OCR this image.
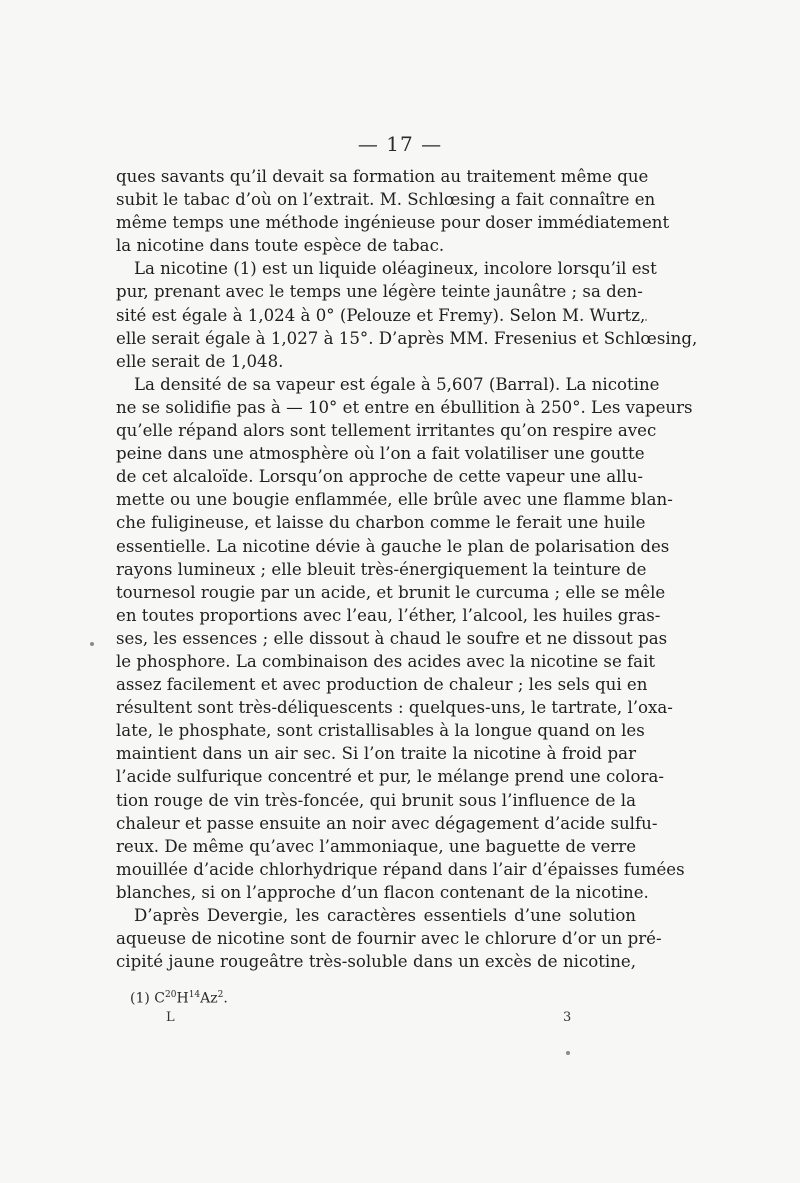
— 17 —
ques savants qu’il devait sa formation au traitement même que
subit le tabac d’où on l’extrait. M. Schlœsing a fait connaître en
même temps une méthode ingénieuse pour doser immédiatement
la nicotine dans toute espèce de tabac.
La nicotine (1) est un liquide oléagineux, incolore lorsqu’il est
pur, prenant avec le temps une légère teinte jaunâtre ; sa den-
sité est égale à 1,024 à 0° (Pelouze et Fremy). Selon M. Wurtz,
elle serait égale à 1,027 à 15°. D’après MM. Fresenius et Schlœsing,
elle serait de 1,048.
La densité de sa vapeur est égale à 5,607 (Barral). La nicotine
ne se solidifie pas à — 10° et entre en ébullition à 250°. Les vapeurs
qu’elle répand alors sont tellement irritantes qu’on respire avec
peine dans une atmosphère où l’on a fait volatiliser une goutte
de cet alcaloïde. Lorsqu’on approche de cette vapeur une allu-
mette ou une bougie enflammée, elle brûle avec une flamme blan-
che fuligineuse, et laisse du charbon comme le ferait une huile
essentielle. La nicotine dévie à gauche le plan de polarisation des
rayons lumineux ; elle bleuit très-énergiquement la teinture de
tournesol rougie par un acide, et brunit le curcuma ; elle se mêle
en toutes proportions avec l’eau, l’éther, l’alcool, les huiles gras-
ses, les essences ; elle dissout à chaud le soufre et ne dissout pas
le phosphore. La combinaison des acides avec la nicotine se fait
assez facilement et avec production de chaleur ; les sels qui en
résultent sont très-déliquescents : quelques-uns, le tartrate, l’oxa-
late, le phosphate, sont cristallisables à la longue quand on les
maintient dans un air sec. Si l’on traite la nicotine à froid par
l’acide sulfurique concentré et pur, le mélange prend une colora-
tion rouge de vin très-foncée, qui brunit sous l’influence de la
chaleur et passe ensuite an noir avec dégagement d’acide sulfu-
reux. De même qu’avec l’ammoniaque, une baguette de verre
mouillée d’acide chlorhydrique répand dans l’air d’épaisses fumées
blanches, si on l’approche d’un flacon contenant de la nicotine.
D’après Devergie, les caractères essentiels d’une solution
aqueuse de nicotine sont de fournir avec le chlorure d’or un pré-
cipité jaune rougeâtre très-soluble dans un excès de nicotine,
(1) $C^{20}H^{14}Az^2$.
L	3
